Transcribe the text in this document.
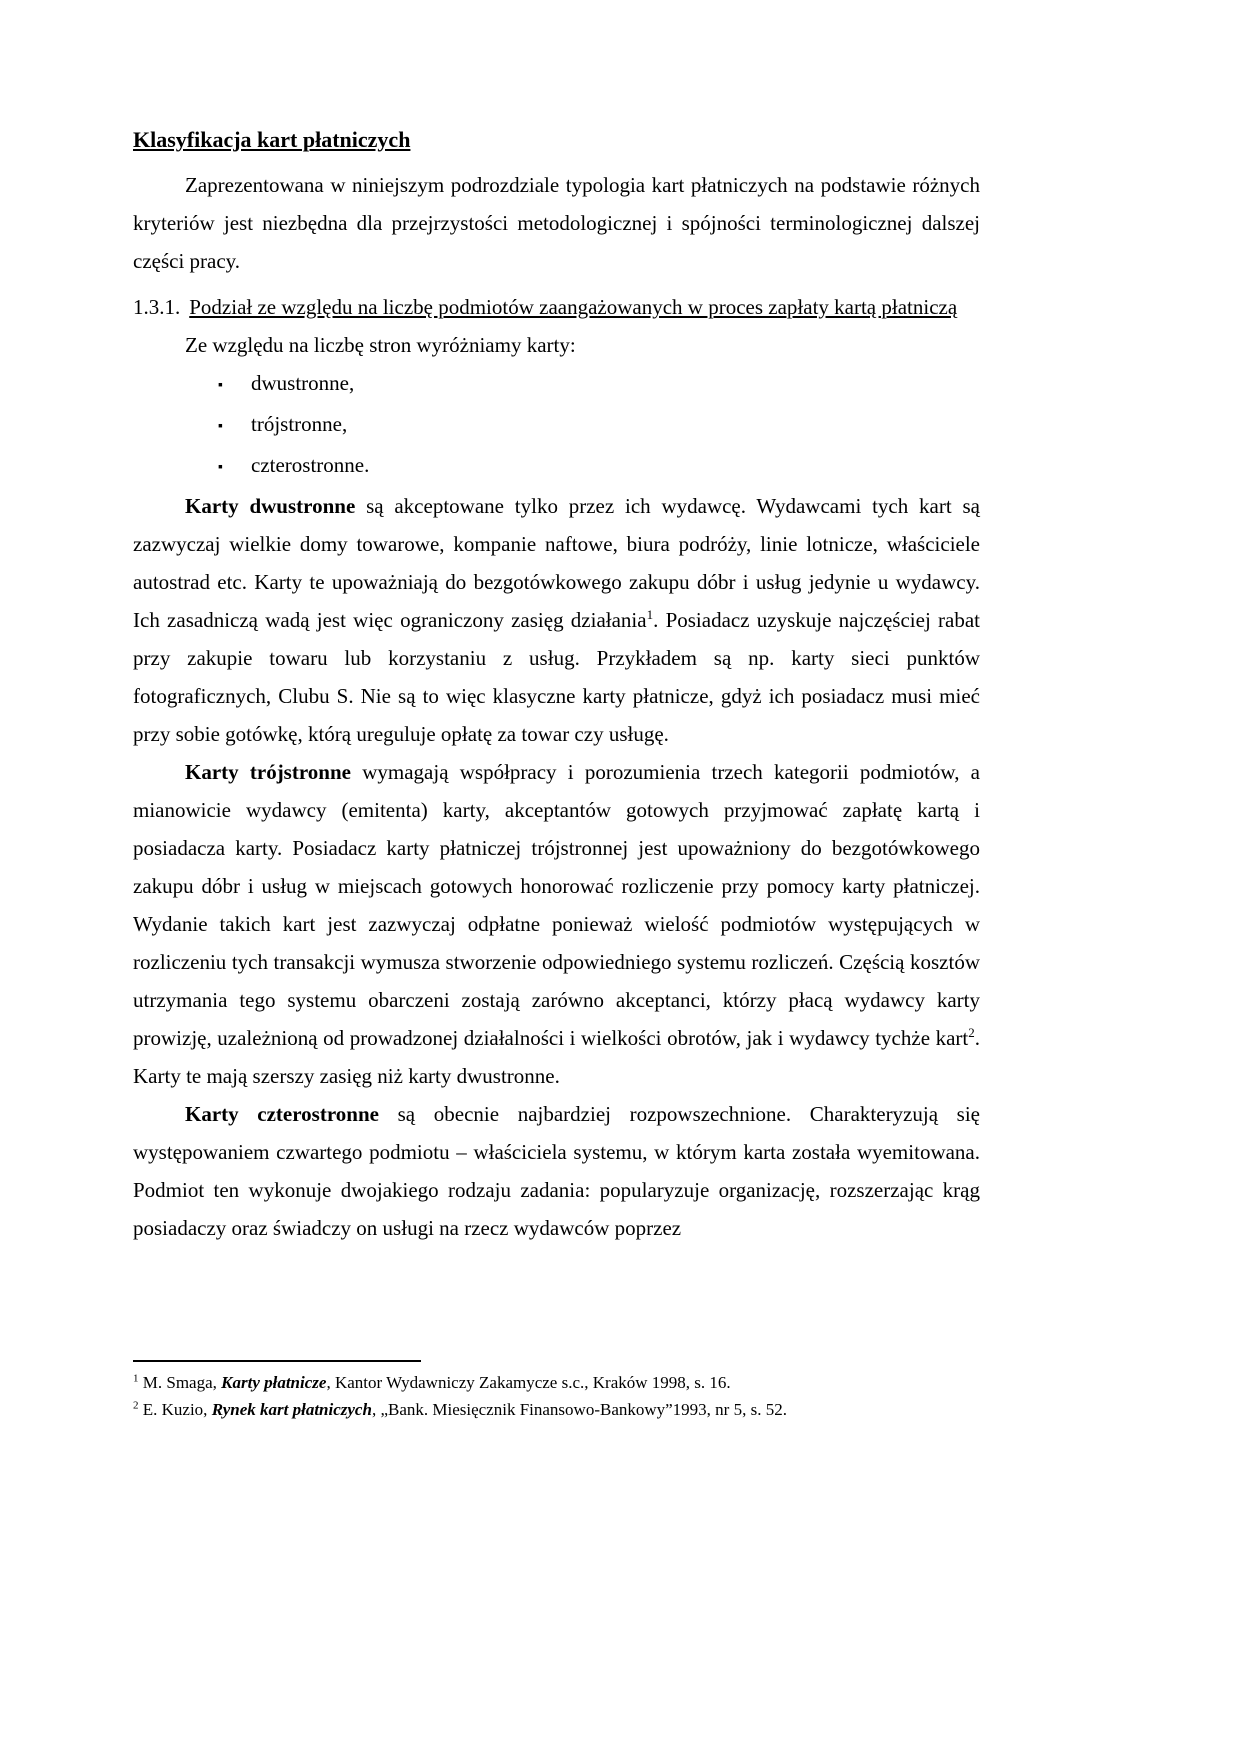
Klasyfikacja kart płatniczych

Zaprezentowana w niniejszym podrozdziale typologia kart płatniczych na podstawie różnych kryteriów jest niezbędna dla przejrzystości metodologicznej i spójności terminologicznej dalszej części pracy.

1.3.1. Podział ze względu na liczbę podmiotów zaangażowanych w proces zapłaty kartą płatniczą

Ze względu na liczbę stron wyróżniamy karty:

▪ dwustronne,
▪ trójstronne,
▪ czterostronne.

Karty dwustronne są akceptowane tylko przez ich wydawcę. Wydawcami tych kart są zazwyczaj wielkie domy towarowe, kompanie naftowe, biura podróży, linie lotnicze, właściciele autostrad etc. Karty te upoważniają do bezgotówkowego zakupu dóbr i usług jedynie u wydawcy. Ich zasadniczą wadą jest więc ograniczony zasięg działania$^1$. Posiadacz uzyskuje najczęściej rabat przy zakupie towaru lub korzystaniu z usług. Przykładem są np. karty sieci punktów fotograficznych, Clubu S. Nie są to więc klasyczne karty płatnicze, gdyż ich posiadacz musi mieć przy sobie gotówkę, którą ureguluje opłatę za towar czy usługę.

Karty trójstronne wymagają współpracy i porozumienia trzech kategorii podmiotów, a mianowicie wydawcy (emitenta) karty, akceptantów gotowych przyjmować zapłatę kartą i posiadacza karty. Posiadacz karty płatniczej trójstronnej jest upoważniony do bezgotówkowego zakupu dóbr i usług w miejscach gotowych honorować rozliczenie przy pomocy karty płatniczej. Wydanie takich kart jest zazwyczaj odpłatne ponieważ wielość podmiotów występujących w rozliczeniu tych transakcji wymusza stworzenie odpowiedniego systemu rozliczeń. Częścią kosztów utrzymania tego systemu obarczeni zostają zarówno akceptanci, którzy płacą wydawcy karty prowizję, uzależnioną od prowadzonej działalności i wielkości obrotów, jak i wydawcy tychże kart$^2$. Karty te mają szerszy zasięg niż karty dwustronne.

Karty czterostronne są obecnie najbardziej rozpowszechnione. Charakteryzują się występowaniem czwartego podmiotu – właściciela systemu, w którym karta została wyemitowana. Podmiot ten wykonuje dwojakiego rodzaju zadania: popularyzuje organizację, rozszerzając krąg posiadaczy oraz świadczy on usługi na rzecz wydawców poprzez

$^1$ M. Smaga, Karty płatnicze, Kantor Wydawniczy Zakamycze s.c., Kraków 1998, s. 16.

$^2$ E. Kuzio, Rynek kart płatniczych, „Bank. Miesięcznik Finansowo-Bankowy”1993, nr 5, s. 52.
